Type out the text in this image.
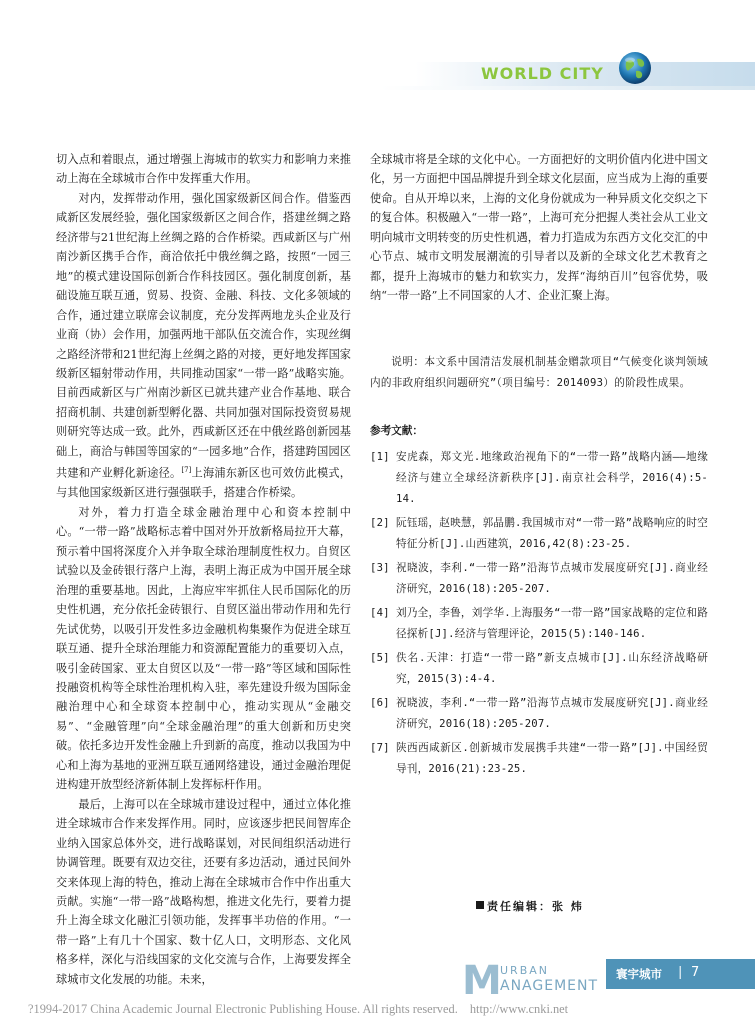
WORLD CITY

切入点和着眼点，通过增强上海城市的软实力和影响力来推动上海在全球城市合作中发挥重大作用。

对内，发挥带动作用，强化国家级新区间合作。借鉴西咸新区发展经验，强化国家级新区之间合作，搭建丝绸之路经济带与21世纪海上丝绸之路的合作桥梁。西咸新区与广州南沙新区携手合作，商洽依托中俄丝绸之路，按照“一园三地”的模式建设国际创新合作科技园区。强化制度创新，基础设施互联互通，贸易、投资、金融、科技、文化多领域的合作，通过建立联席会议制度，充分发挥两地龙头企业及行业商（协）会作用，加强两地干部队伍交流合作，实现丝绸之路经济带和21世纪海上丝绸之路的对接，更好地发挥国家级新区辐射带动作用，共同推动国家“一带一路”战略实施。目前西咸新区与广州南沙新区已就共建产业合作基地、联合招商机制、共建创新型孵化器、共同加强对国际投资贸易规则研究等达成一致。此外，西咸新区还在中俄丝路创新园基础上，商洽与韩国等国家的“一园多地”合作，搭建跨国园区共建和产业孵化新途径。[7]上海浦东新区也可效仿此模式，与其他国家级新区进行强强联手，搭建合作桥梁。

对外，着力打造全球金融治理中心和资本控制中心。“一带一路”战略标志着中国对外开放新格局拉开大幕，预示着中国将深度介入并争取全球治理制度性权力。自贸区试验以及金砖银行落户上海，表明上海正成为中国开展全球治理的重要基地。因此，上海应牢牢抓住人民币国际化的历史性机遇，充分依托金砖银行、自贸区溢出带动作用和先行先试优势，以吸引开发性多边金融机构集聚作为促进全球互联互通、提升全球治理能力和资源配置能力的重要切入点，吸引金砖国家、亚太自贸区以及“一带一路”等区域和国际性投融资机构等全球性治理机构入驻，率先建设升级为国际金融治理中心和全球资本控制中心，推动实现从“金融交易”、“金融管理”向“全球金融治理”的重大创新和历史突破。依托多边开发性金融上升到新的高度，推动以我国为中心和上海为基地的亚洲互联互通网络建设，通过金融治理促进构建开放型经济新体制上发挥标杆作用。

最后，上海可以在全球城市建设过程中，通过立体化推进全球城市合作来发挥作用。同时，应该逐步把民间智库企业纳入国家总体外交，进行战略谋划，对民间组织活动进行协调管理。既要有双边交往，还要有多边活动，通过民间外交来体现上海的特色，推动上海在全球城市合作中作出重大贡献。实施“一带一路”战略构想，推进文化先行，要着力提升上海全球文化融汇引领功能，发挥事半功倍的作用。“一带一路”上有几十个国家、数十亿人口，文明形态、文化风格多样，深化与沿线国家的文化交流与合作，上海要发挥全球城市文化发展的功能。未来，

全球城市将是全球的文化中心。一方面把好的文明价值内化进中国文化，另一方面把中国品牌提升到全球文化层面，应当成为上海的重要使命。自从开埠以来，上海的文化身份就成为一种异质文化交织之下的复合体。积极融入“一带一路”，上海可充分把握人类社会从工业文明向城市文明转变的历史性机遇，着力打造成为东西方文化交汇的中心节点、城市文明发展潮流的引导者以及新的全球文化艺术教育之都，提升上海城市的魅力和软实力，发挥“海纳百川”包容优势，吸纳“一带一路”上不同国家的人才、企业汇聚上海。

说明：本文系中国清洁发展机制基金赠款项目“气候变化谈判领域内的非政府组织问题研究”（项目编号：2014093）的阶段性成果。
参考文献：
[1] 安虎森，郑文光.地缘政治视角下的“一带一路”战略内涵——地缘经济与建立全球经济新秩序[J].南京社会科学，2016(4):5-14.
[2] 阮钰瑶，赵映慧，郭晶鹏.我国城市对“一带一路”战略响应的时空特征分析[J].山西建筑，2016,42(8):23-25.
[3] 祝晓波，李利.“一带一路”沿海节点城市发展度研究[J].商业经济研究，2016(18):205-207.
[4] 刘乃全，李鲁，刘学华.上海服务“一带一路”国家战略的定位和路径探析[J].经济与管理评论，2015(5):140-146.
[5] 佚名.天津：打造“一带一路”新支点城市[J].山东经济战略研究，2015(3):4-4.
[6] 祝晓波，李利.“一带一路”沿海节点城市发展度研究[J].商业经济研究，2016(18):205-207.
[7] 陕西西咸新区.创新城市发展携手共建“一带一路”[J].中国经贸导刊，2016(21):23-25.
责任编辑：张 炜
M URBAN
ANAGEMENT
寰宇城市 | 7
?1994-2017 China Academic Journal Electronic Publishing House. All rights reserved. http://www.cnki.net
